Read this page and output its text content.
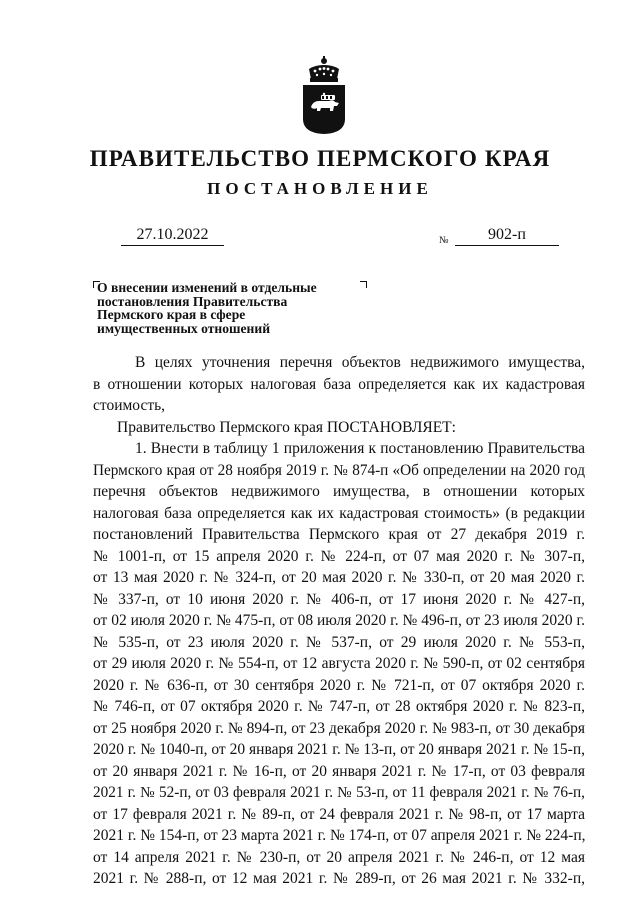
ПРАВИТЕЛЬСТВО ПЕРМСКОГО КРАЯ
ПОСТАНОВЛЕНИЕ
27.10.2022	№	902-п
О внесении изменений в отдельные
постановления Правительства
Пермского края в сфере
имущественных отношений
В целях уточнения перечня объектов недвижимого имущества,
в отношении которых налоговая база определяется как их кадастровая
стоимость,
Правительство Пермского края ПОСТАНОВЛЯЕТ:
1. Внести в таблицу 1 приложения к постановлению Правительства
Пермского края от 28 ноября 2019 г. № 874-п «Об определении на 2020 год
перечня объектов недвижимого имущества, в отношении которых
налоговая база определяется как их кадастровая стоимость» (в редакции
постановлений Правительства Пермского края от 27 декабря 2019 г.
№ 1001-п, от 15 апреля 2020 г. № 224-п, от 07 мая 2020 г. № 307-п,
от 13 мая 2020 г. № 324-п, от 20 мая 2020 г. № 330-п, от 20 мая 2020 г.
№ 337-п, от 10 июня 2020 г. № 406-п, от 17 июня 2020 г. № 427-п,
от 02 июля 2020 г. № 475-п, от 08 июля 2020 г. № 496-п, от 23 июля 2020 г.
№ 535-п, от 23 июля 2020 г. № 537-п, от 29 июля 2020 г. № 553-п,
от 29 июля 2020 г. № 554-п, от 12 августа 2020 г. № 590-п, от 02 сентября
2020 г. № 636-п, от 30 сентября 2020 г. № 721-п, от 07 октября 2020 г.
№ 746-п, от 07 октября 2020 г. № 747-п, от 28 октября 2020 г. № 823-п,
от 25 ноября 2020 г. № 894-п, от 23 декабря 2020 г. № 983-п, от 30 декабря
2020 г. № 1040-п, от 20 января 2021 г. № 13-п, от 20 января 2021 г. № 15-п,
от 20 января 2021 г. № 16-п, от 20 января 2021 г. № 17-п, от 03 февраля
2021 г. № 52-п, от 03 февраля 2021 г. № 53-п, от 11 февраля 2021 г. № 76-п,
от 17 февраля 2021 г. № 89-п, от 24 февраля 2021 г. № 98-п, от 17 марта
2021 г. № 154-п, от 23 марта 2021 г. № 174-п, от 07 апреля 2021 г. № 224-п,
от 14 апреля 2021 г. № 230-п, от 20 апреля 2021 г. № 246-п, от 12 мая
2021 г. № 288-п, от 12 мая 2021 г. № 289-п, от 26 мая 2021 г. № 332-п,
